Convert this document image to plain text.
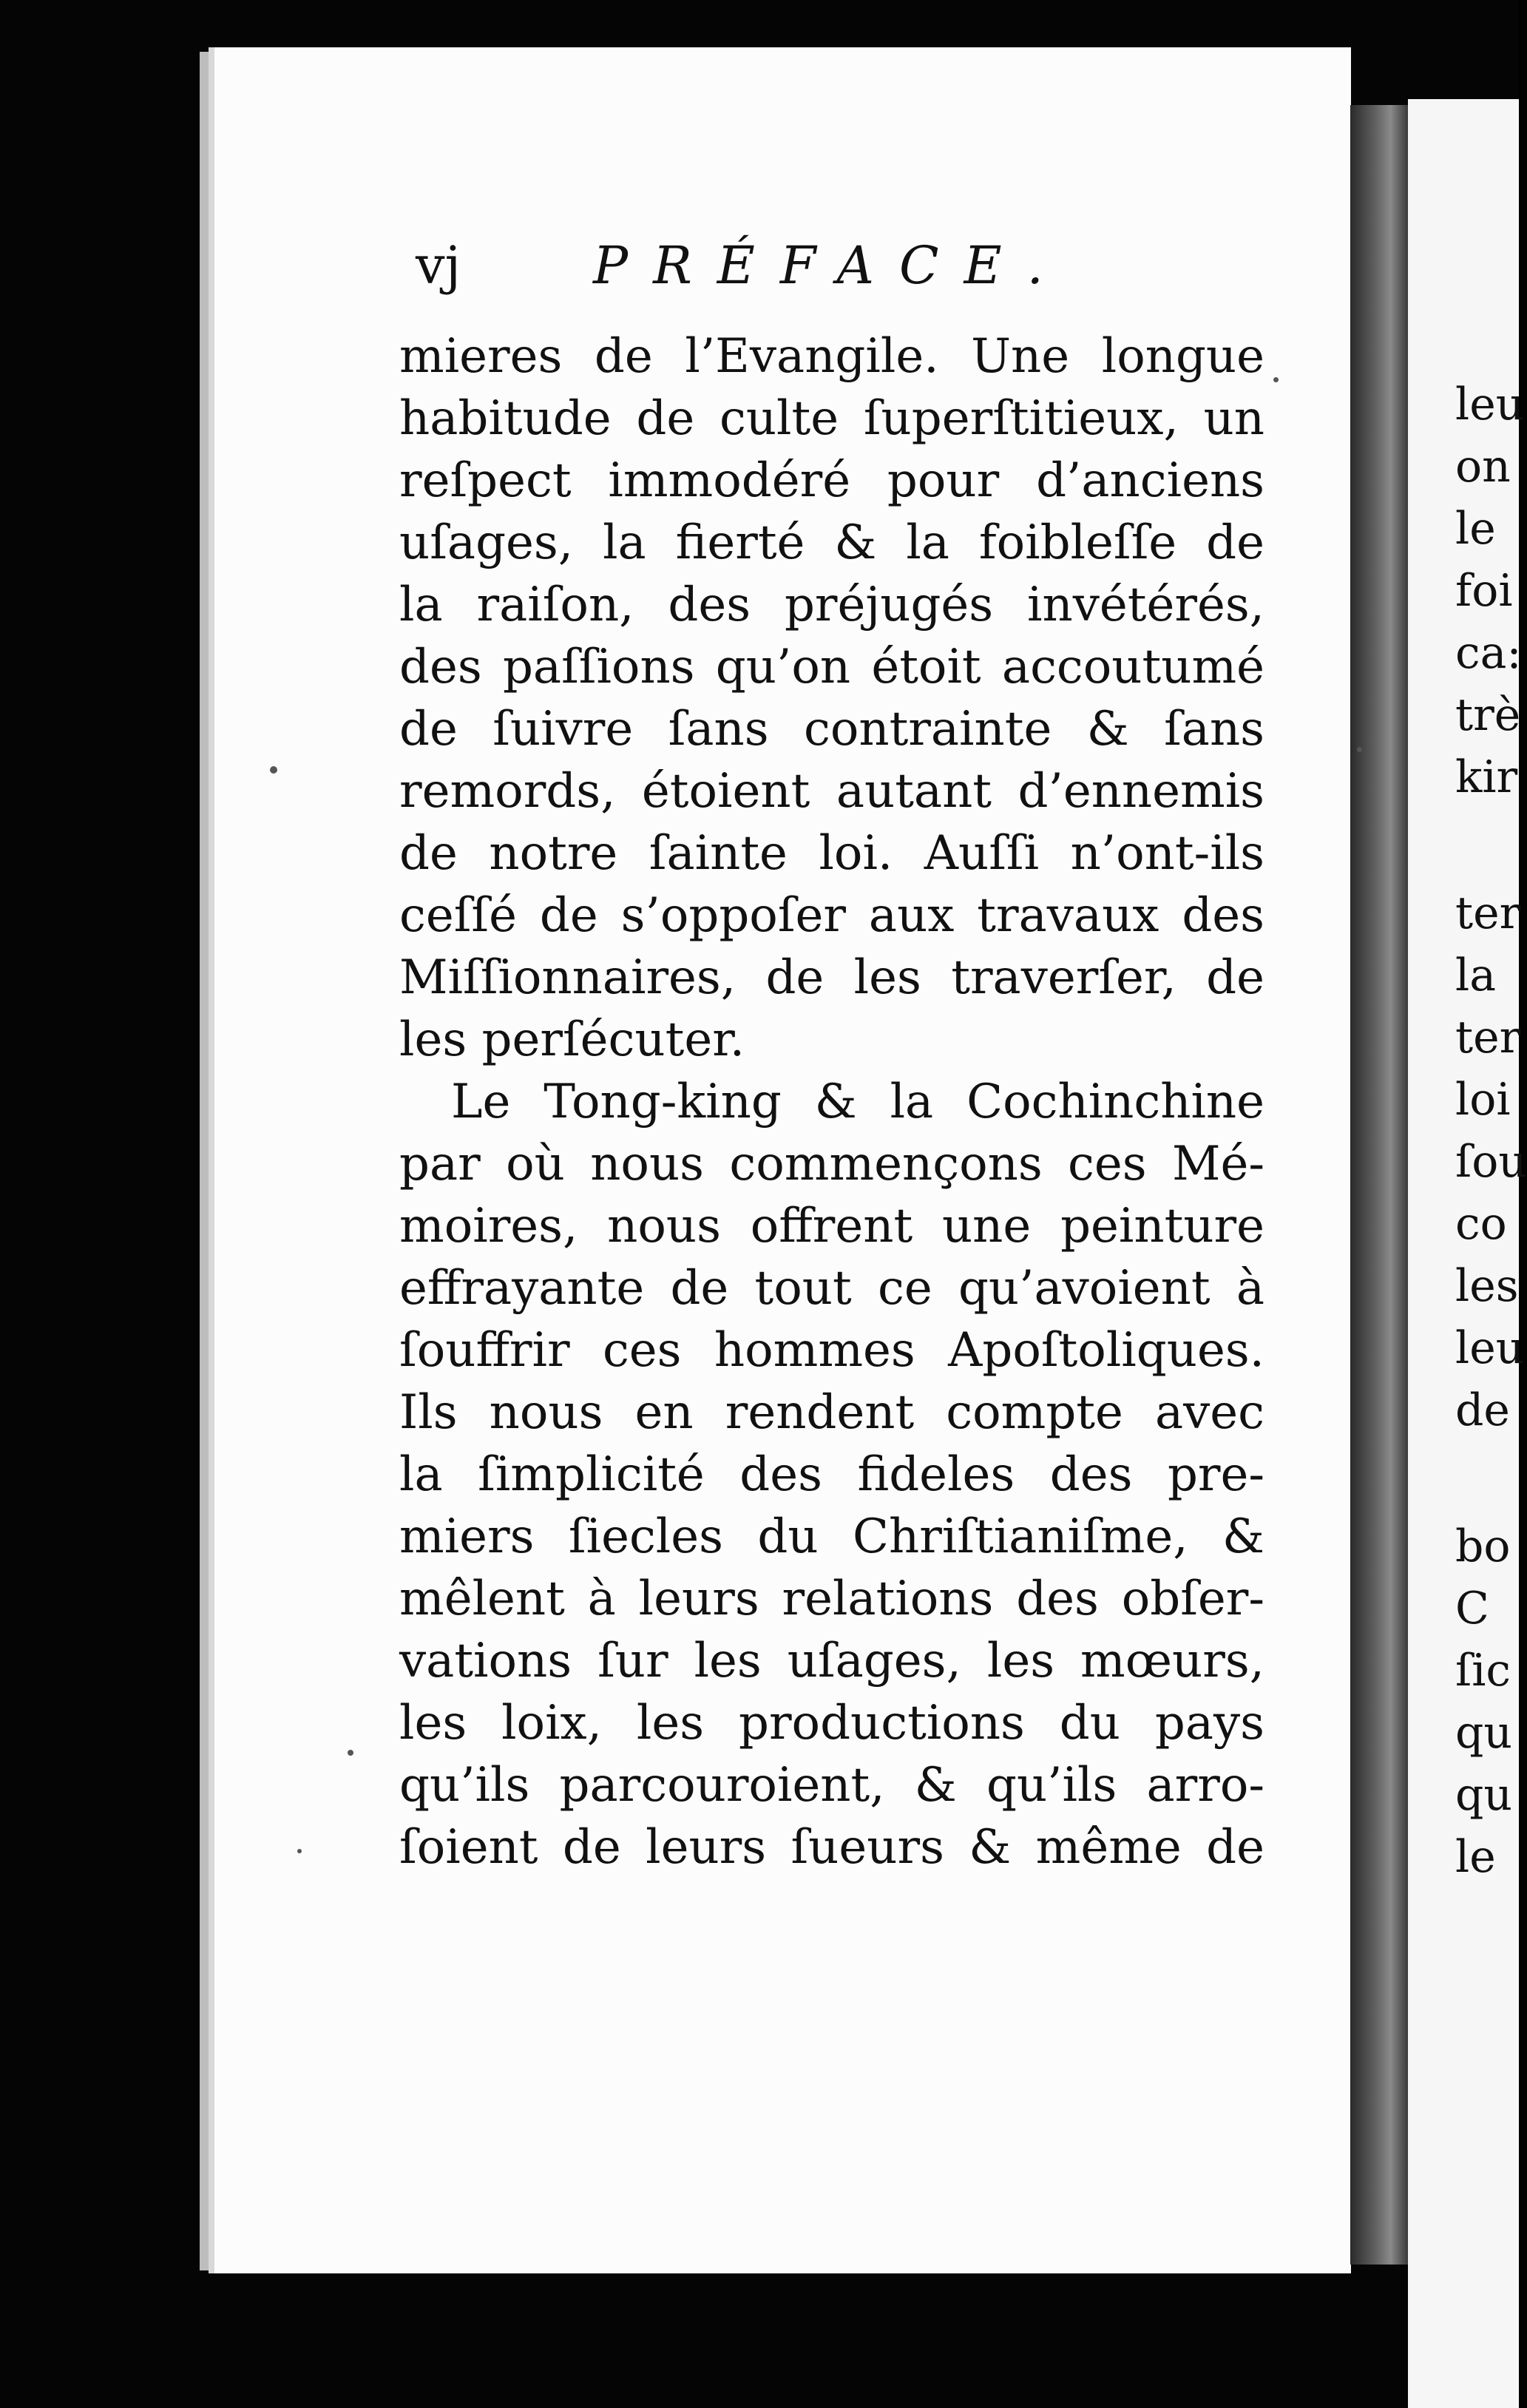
vj	PRÉFACE.
mieres de l’Evangile. Une longue
habitude de culte ſuperſtitieux, un
reſpect immodéré pour d’anciens
uſages, la fierté & la foibleſſe de
la raiſon, des préjugés invétérés,
des paſſions qu’on étoit accoutumé
de ſuivre ſans contrainte & ſans
remords, étoient autant d’ennemis
de notre ſainte loi. Auſſi n’ont-ils
ceſſé de s’oppoſer aux travaux des
Miſſionnaires, de les traverſer, de
les perſécuter.
Le Tong-king & la Cochinchine
par où nous commençons ces Mé-
moires, nous offrent une peinture
effrayante de tout ce qu’avoient à
ſouffrir ces hommes Apoſtoliques.
Ils nous en rendent compte avec
la ſimplicité des fideles des pre-
miers ſiecles du Chriſtianiſme, &
mêlent à leurs relations des obſer-
vations ſur les uſages, les mœurs,
les loix, les productions du pays
qu’ils parcouroient, & qu’ils arro-
ſoient de leurs ſueurs & même de
leu
on
le
foi
ca:
trè
kir
ter
la
ter
loi
ſou
co
les
leu
de
bo
C
ſic
qu
qu
le
